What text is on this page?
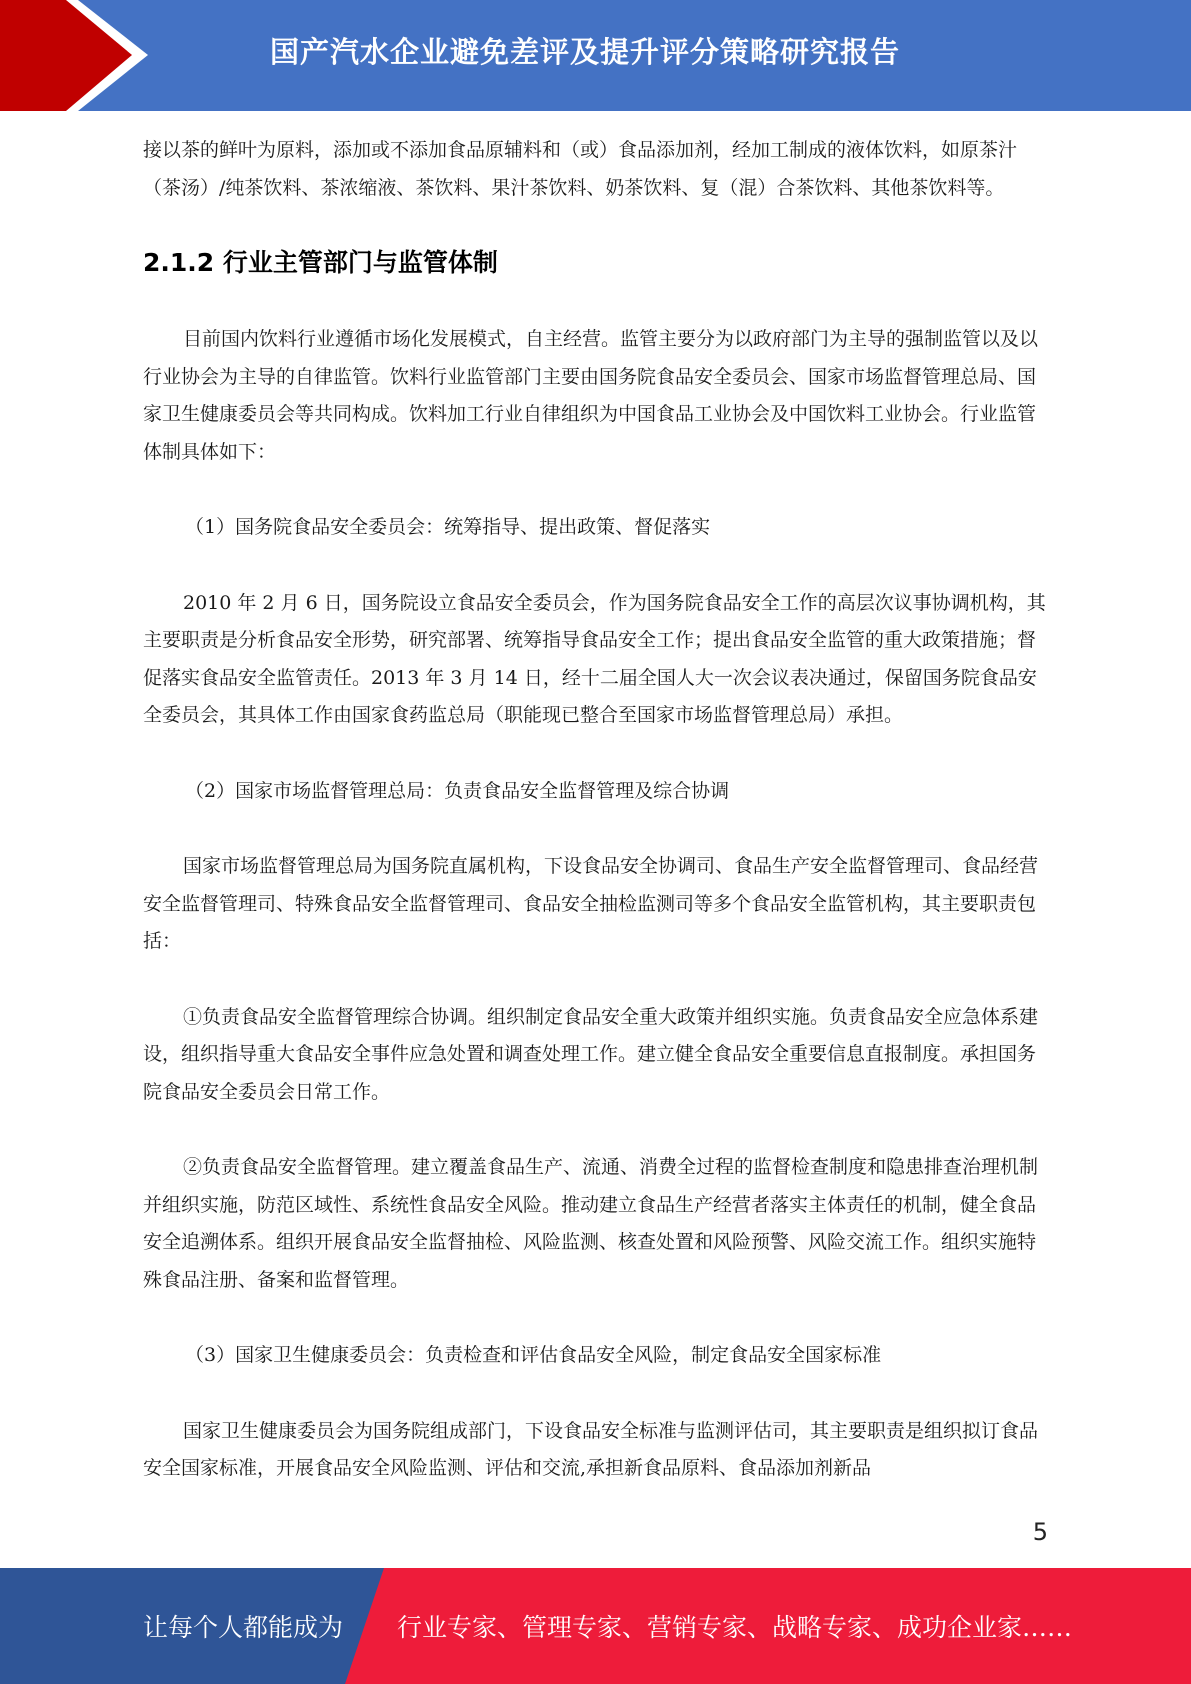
国产汽水企业避免差评及提升评分策略研究报告

接以茶的鲜叶为原料，添加或不添加食品原辅料和（或）食品添加剂，经加工制成的液体饮料，如原茶汁（茶汤）/纯茶饮料、茶浓缩液、茶饮料、果汁茶饮料、奶茶饮料、复（混）合茶饮料、其他茶饮料等。

2.1.2 行业主管部门与监管体制

目前国内饮料行业遵循市场化发展模式，自主经营。监管主要分为以政府部门为主导的强制监管以及以行业协会为主导的自律监管。饮料行业监管部门主要由国务院食品安全委员会、国家市场监督管理总局、国家卫生健康委员会等共同构成。饮料加工行业自律组织为中国食品工业协会及中国饮料工业协会。行业监管体制具体如下：

（1）国务院食品安全委员会：统筹指导、提出政策、督促落实

2010 年 2 月 6 日，国务院设立食品安全委员会，作为国务院食品安全工作的高层次议事协调机构，其主要职责是分析食品安全形势，研究部署、统筹指导食品安全工作；提出食品安全监管的重大政策措施；督促落实食品安全监管责任。2013 年 3 月 14 日，经十二届全国人大一次会议表决通过，保留国务院食品安全委员会，其具体工作由国家食药监总局（职能现已整合至国家市场监督管理总局）承担。

（2）国家市场监督管理总局：负责食品安全监督管理及综合协调

国家市场监督管理总局为国务院直属机构，下设食品安全协调司、食品生产安全监督管理司、食品经营安全监督管理司、特殊食品安全监督管理司、食品安全抽检监测司等多个食品安全监管机构，其主要职责包括：

①负责食品安全监督管理综合协调。组织制定食品安全重大政策并组织实施。负责食品安全应急体系建设，组织指导重大食品安全事件应急处置和调查处理工作。建立健全食品安全重要信息直报制度。承担国务院食品安全委员会日常工作。

②负责食品安全监督管理。建立覆盖食品生产、流通、消费全过程的监督检查制度和隐患排查治理机制并组织实施，防范区域性、系统性食品安全风险。推动建立食品生产经营者落实主体责任的机制，健全食品安全追溯体系。组织开展食品安全监督抽检、风险监测、核查处置和风险预警、风险交流工作。组织实施特殊食品注册、备案和监督管理。

（3）国家卫生健康委员会：负责检查和评估食品安全风险，制定食品安全国家标准

国家卫生健康委员会为国务院组成部门，下设食品安全标准与监测评估司，其主要职责是组织拟订食品安全国家标准，开展食品安全风险监测、评估和交流,承担新食品原料、食品添加剂新品

5
让每个人都能成为 行业专家、管理专家、营销专家、战略专家、成功企业家……
